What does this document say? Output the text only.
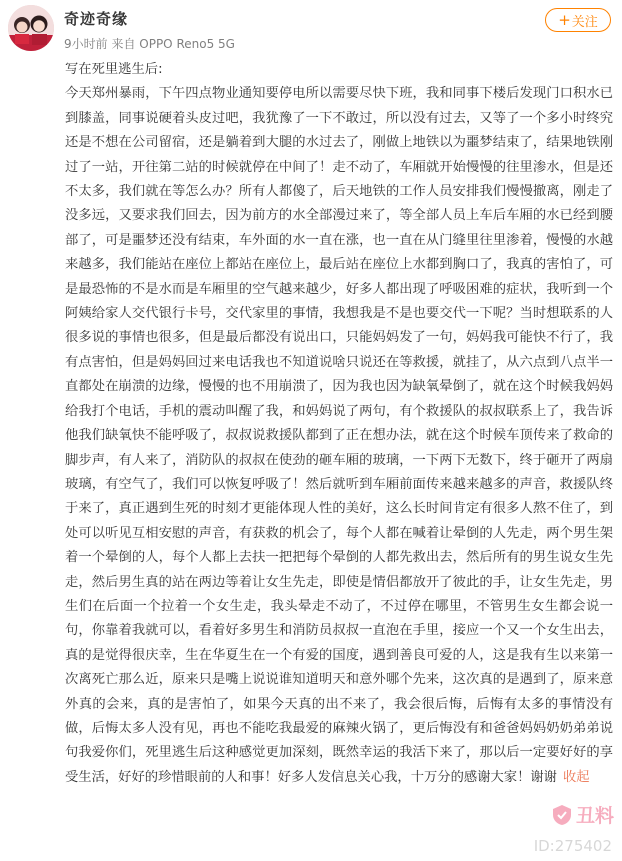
奇迹奇缘
9小时前 来自 OPPO Reno5 5G
+ 关注

写在死里逃生后:

今天郑州暴雨，下午四点物业通知要停电所以需要尽快下班，我和同事下楼后发现门口积水已到膝盖，同事说硬着头皮过吧，我犹豫了一下不敢过，所以没有过去，又等了一个多小时终究还是不想在公司留宿，还是躺着到大腿的水过去了，刚做上地铁以为噩梦结束了，结果地铁刚过了一站，开往第二站的时候就停在中间了！走不动了，车厢就开始慢慢的往里渗水，但是还不太多，我们就在等怎么办？所有人都傻了，后天地铁的工作人员安排我们慢慢撤离，刚走了没多远，又要求我们回去，因为前方的水全部漫过来了，等全部人员上车后车厢的水已经到腰部了，可是噩梦还没有结束，车外面的水一直在涨，也一直在从门缝里往里渗着，慢慢的水越来越多，我们能站在座位上都站在座位上，最后站在座位上水都到胸口了，我真的害怕了，可是最恐怖的不是水而是车厢里的空气越来越少，好多人都出现了呼吸困难的症状，我听到一个阿姨给家人交代银行卡号，交代家里的事情，我想我是不是也要交代一下呢？当时想联系的人很多说的事情也很多，但是最后都没有说出口，只能妈妈发了一句，妈妈我可能快不行了，我有点害怕，但是妈妈回过来电话我也不知道说啥只说还在等救援，就挂了，从六点到八点半一直都处在崩溃的边缘，慢慢的也不用崩溃了，因为我也因为缺氧晕倒了，就在这个时候我妈妈给我打个电话，手机的震动叫醒了我，和妈妈说了两句，有个救援队的叔叔联系上了，我告诉他我们缺氧快不能呼吸了，叔叔说救援队都到了正在想办法，就在这个时候车顶传来了救命的脚步声，有人来了，消防队的叔叔在使劲的砸车厢的玻璃，一下两下无数下，终于砸开了两扇玻璃，有空气了，我们可以恢复呼吸了！然后就听到车厢前面传来越来越多的声音，救援队终于来了，真正遇到生死的时刻才更能体现人性的美好，这么长时间肯定有很多人熬不住了，到处可以听见互相安慰的声音，有获救的机会了，每个人都在喊着让晕倒的人先走，两个男生架着一个晕倒的人，每个人都上去扶一把把每个晕倒的人都先救出去，然后所有的男生说女生先走，然后男生真的站在两边等着让女生先走，即使是情侣都放开了彼此的手，让女生先走，男生们在后面一个拉着一个女生走，我头晕走不动了，不过停在哪里，不管男生女生都会说一句，你靠着我就可以，看着好多男生和消防员叔叔一直泡在手里，接应一个又一个女生出去，真的是觉得很庆幸，生在华夏生在一个有爱的国度，遇到善良可爱的人，这是我有生以来第一次离死亡那么近，原来只是嘴上说说谁知道明天和意外哪个先来，这次真的是遇到了，原来意外真的会来，真的是害怕了，如果今天真的出不来了，我会很后悔，后悔有太多的事情没有做，后悔太多人没有见，再也不能吃我最爱的麻辣火锅了，更后悔没有和爸爸妈妈奶奶弟弟说句我爱你们，死里逃生后这种感觉更加深刻，既然幸运的我活下来了，那以后一定要好好的享受生活，好好的珍惜眼前的人和事！好多人发信息关心我，十万分的感谢大家！谢谢 收起

丑料
ID:275402
